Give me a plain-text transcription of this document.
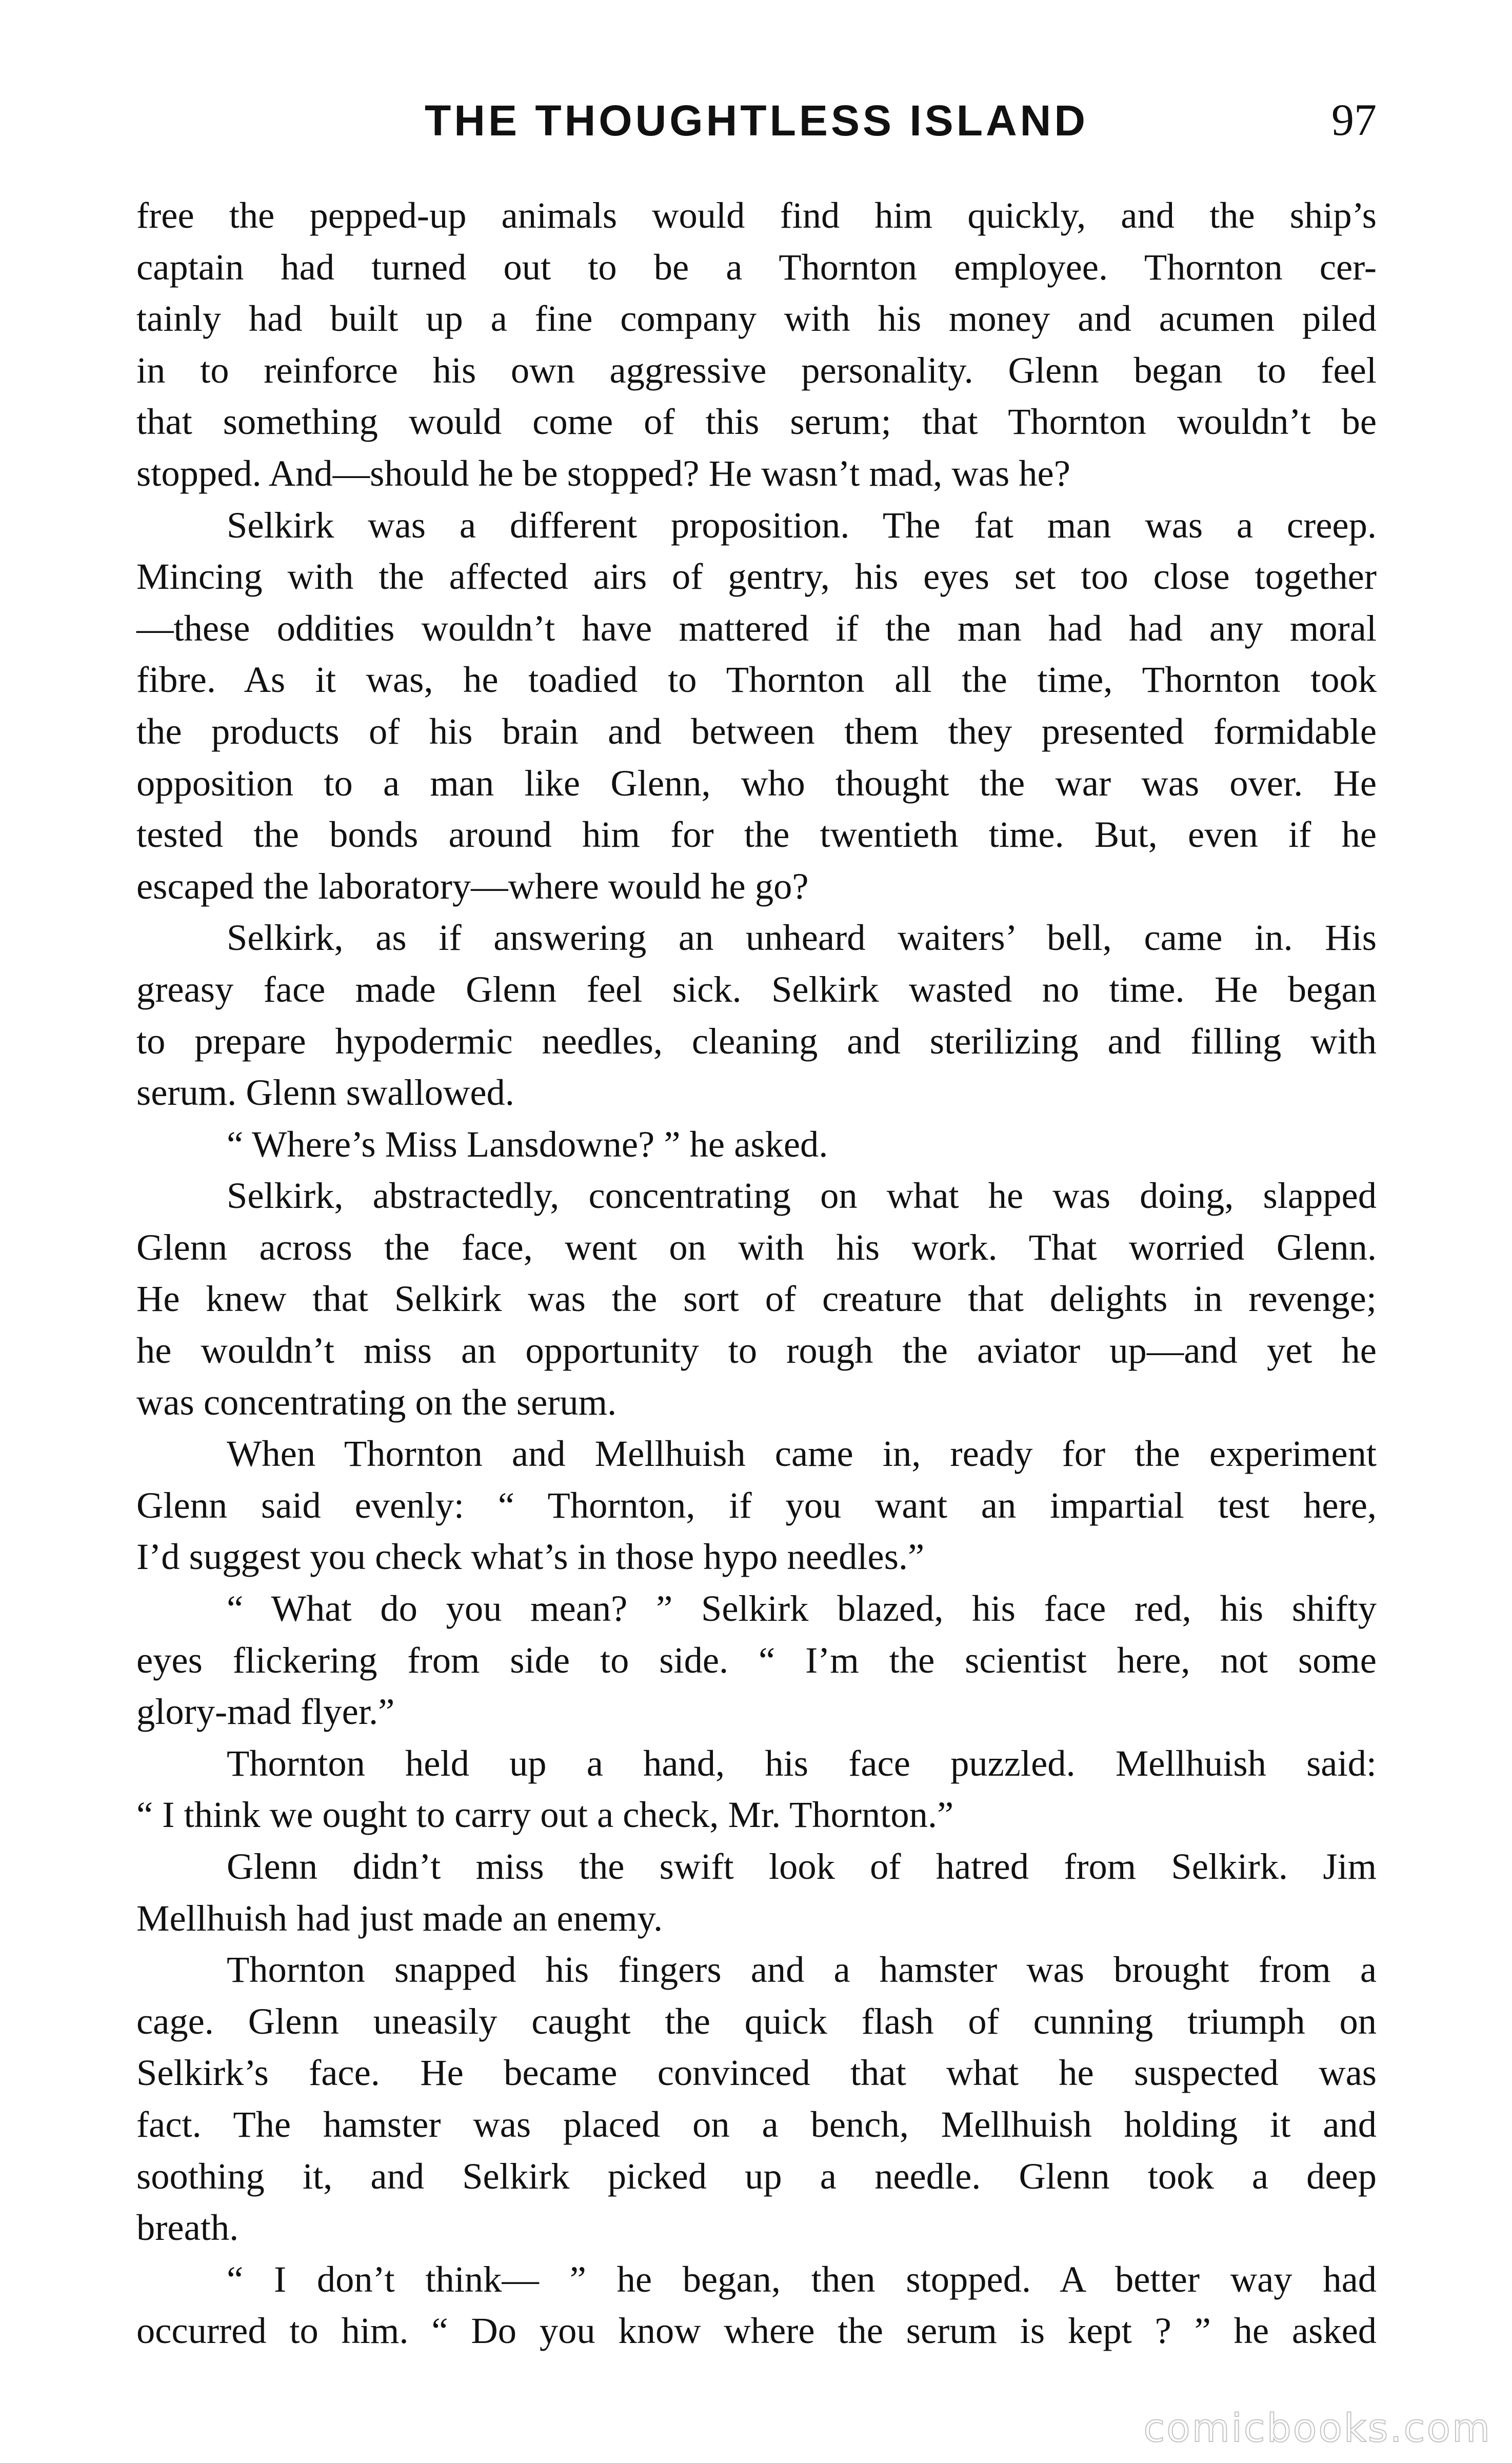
THE THOUGHTLESS ISLAND	97
free the pepped-up animals would find him quickly, and the ship’s
captain had turned out to be a Thornton employee. Thornton cer-
tainly had built up a fine company with his money and acumen piled
in to reinforce his own aggressive personality. Glenn began to feel
that something would come of this serum; that Thornton wouldn’t be
stopped. And—should he be stopped? He wasn’t mad, was he?
Selkirk was a different proposition. The fat man was a creep.
Mincing with the affected airs of gentry, his eyes set too close together
—these oddities wouldn’t have mattered if the man had had any moral
fibre. As it was, he toadied to Thornton all the time, Thornton took
the products of his brain and between them they presented formidable
opposition to a man like Glenn, who thought the war was over. He
tested the bonds around him for the twentieth time. But, even if he
escaped the laboratory—where would he go?
Selkirk, as if answering an unheard waiters’ bell, came in. His
greasy face made Glenn feel sick. Selkirk wasted no time. He began
to prepare hypodermic needles, cleaning and sterilizing and filling with
serum. Glenn swallowed.
“ Where’s Miss Lansdowne? ” he asked.
Selkirk, abstractedly, concentrating on what he was doing, slapped
Glenn across the face, went on with his work. That worried Glenn.
He knew that Selkirk was the sort of creature that delights in revenge;
he wouldn’t miss an opportunity to rough the aviator up—and yet he
was concentrating on the serum.
When Thornton and Mellhuish came in, ready for the experiment
Glenn said evenly: “ Thornton, if you want an impartial test here,
I’d suggest you check what’s in those hypo needles.”
“ What do you mean? ” Selkirk blazed, his face red, his shifty
eyes flickering from side to side. “ I’m the scientist here, not some
glory-mad flyer.”
Thornton held up a hand, his face puzzled. Mellhuish said:
“ I think we ought to carry out a check, Mr. Thornton.”
Glenn didn’t miss the swift look of hatred from Selkirk. Jim
Mellhuish had just made an enemy.
Thornton snapped his fingers and a hamster was brought from a
cage. Glenn uneasily caught the quick flash of cunning triumph on
Selkirk’s face. He became convinced that what he suspected was
fact. The hamster was placed on a bench, Mellhuish holding it and
soothing it, and Selkirk picked up a needle. Glenn took a deep
breath.
“ I don’t think— ” he began, then stopped. A better way had
occurred to him. “ Do you know where the serum is kept ? ” he asked
comicbooks.com
